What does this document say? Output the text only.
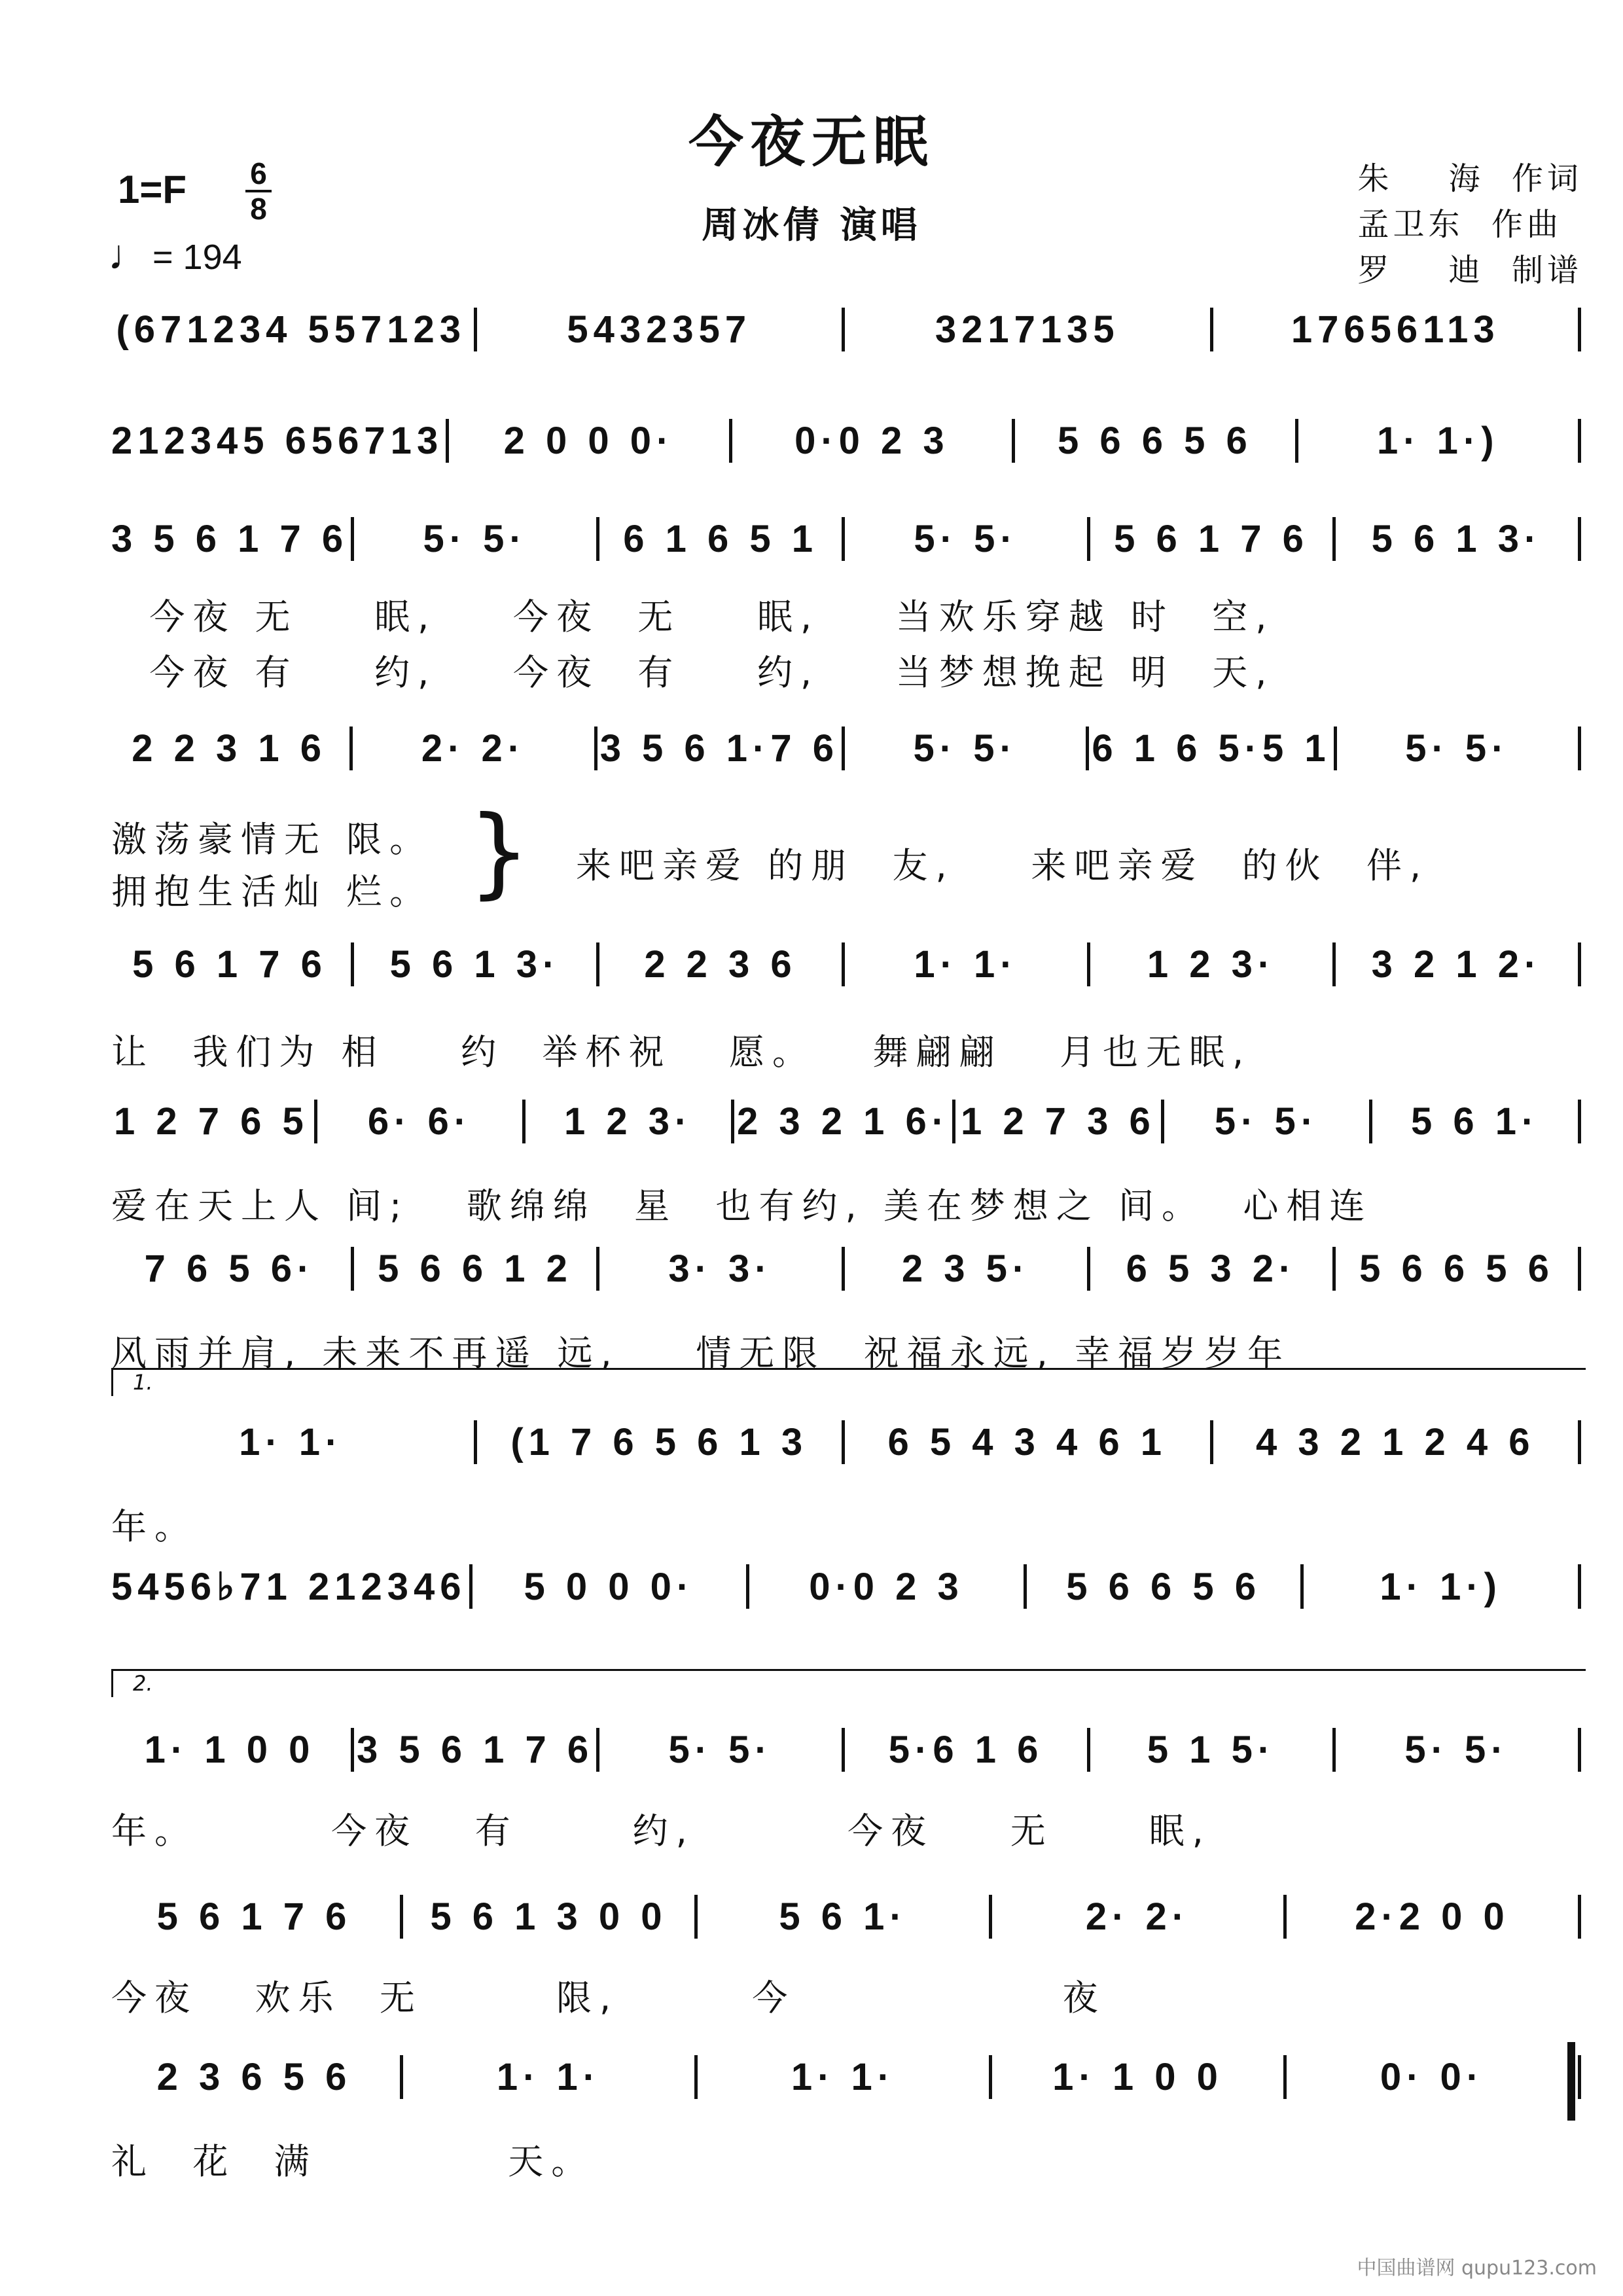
今夜无眠
周冰倩 演唱
1=F 6
8
♩= 194
朱    海  作词
孟卫东  作曲
罗    迪  制谱
(671234 557123	5432357	3217135	17656113
212345 656713	2 0 0 0·	0·0 2 3	5 6 6 5 6	1· 1·)
3 5 6 1 7 6	5· 5·	6 1 6 5 1	5· 5·	5 6 1 7 6	5 6 1 3·
2 2 3 1 6	2· 2·	3 5 6 1·7 6	5· 5·	6 1 6 5·5 1	5· 5·
5 6 1 7 6	5 6 1 3·	2 2 3 6	1· 1·	1 2 3·	3 2 1 2·
1 2 7 6 5	6· 6·	1 2 3·	2 3 2 1 6· 1 2 7 3 6	5· 5·	5 6 1·
7 6 5 6·	5 6 6 1 2	3· 3·	2 3 5·	6 5 3 2·	5 6 6 5 6
1· 1·	(1 7 6 5 6 1 3	6 5 4 3 4 6 1	4 3 2 1 2 4 6
5456♭71 212346	5 0 0 0·	0·0 2 3	5 6 6 5 6	1· 1·)
1· 1 0 0	3 5 6 1 7 6	5· 5·	5·6 1 6	5 1 5·	5· 5·
5 6 1 7 6	5 6 1 3 0 0	5 6 1·	2· 2·	2·2 0 0
2 3 6 5 6	1· 1·	1· 1·	1· 1 0 0	0· 0·
今夜 无    眠,    今夜  无    眠,    当欢乐穿越 时  空,
今夜 有    约,    今夜  有    约,    当梦想挽起 明  天,
激荡豪情无 限。
拥抱生活灿 烂。 } 来吧亲爱 的朋  友,    来吧亲爱  的伙  伴,
让  我们为 相    约  举杯祝   愿。   舞翩翩   月也无眠,
爱在天上人 间;   歌绵绵  星  也有约, 美在梦想之 间。  心相连
风雨并肩, 未来不再遥 远,    情无限  祝福永远, 幸福岁岁年
年。
年。       今夜   有      约,        今夜    无     眠,
今夜   欢乐  无       限,       今              夜
礼  花  满          天。
1.
2.
中国曲谱网 qupu123.com
